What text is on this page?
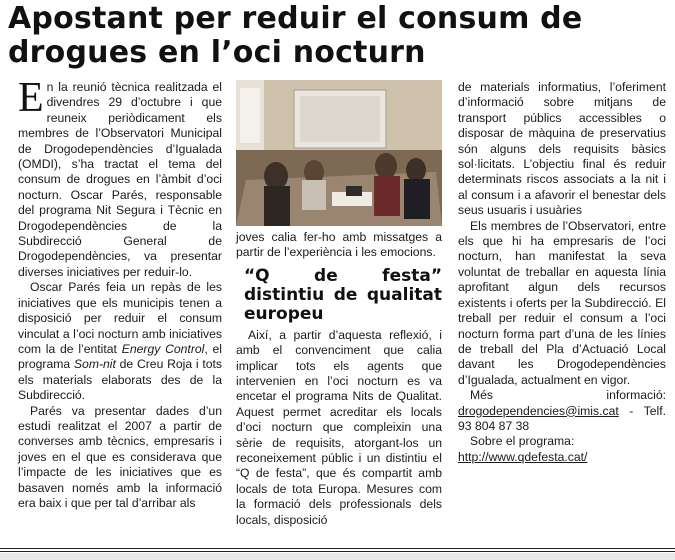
Apostant per reduir el consum de drogues en l’oci nocturn

En la reunió tècnica realitzada el divendres 29 d’octubre i que reuneix periòdicament els membres de l’Observatori Municipal de Drogodependències d’Igualada (OMDI), s’ha tractat el tema del consum de drogues en l’àmbit d’oci nocturn. Oscar Parés, responsable del programa Nit Segura i Tècnic en Drogodependències de la Subdirecció General de Drogodependències, va presentar diverses iniciatives per reduir-lo.

Oscar Parés feia un repàs de les iniciatives que els municipis tenen a disposició per reduir el consum vinculat a l’oci nocturn amb iniciatives com la de l’entitat Energy Control, el programa Som-nit de Creu Roja i tots els materials elaborats des de la Subdirecció.

Parés va presentar dades d’un estudi realitzat el 2007 a partir de converses amb tècnics, empresaris i joves en el que es considerava que l’impacte de les iniciatives que es basaven només amb la informació era baix i que per tal d’arribar als

joves calia fer-ho amb missatges a partir de l’experiència i les emocions.

“Q de festa” distintiu de qualitat europeu

Així, a partir d’aquesta reflexió, i amb el convenciment que calia implicar tots els agents que intervenien en l’oci nocturn es va encetar el programa Nits de Qualitat. Aquest permet acreditar els locals d’oci nocturn que compleixin una sèrie de requisits, atorgant-los un reconeixement públic i un distintiu el “Q de festa”, que és compartit amb locals de tota Europa. Mesures com la formació dels professionals dels locals, disposició

de materials informatius, l’oferiment d’informació sobre mitjans de transport públics accessibles o disposar de màquina de preservatius són alguns dels requisits bàsics sol·licitats. L’objectiu final és reduir determinats riscos associats a la nit i al consum i a afavorir el benestar dels seus usuaris i usuàries

Els membres de l’Observatori, entre els que hi ha empresaris de l’oci nocturn, han manifestat la seva voluntat de treballar en aquesta línia aprofitant algun dels recursos existents i oferts per la Subdirecció. El treball per reduir el consum a l’oci nocturn forma part d’una de les línies de treball del Pla d’Actuació Local davant les Drogodependències d’Igualada, actualment en vigor.

Més informació: drogodependencies@imis.cat - Telf. 93 804 87 38

Sobre el programa: http://www.qdefesta.cat/
